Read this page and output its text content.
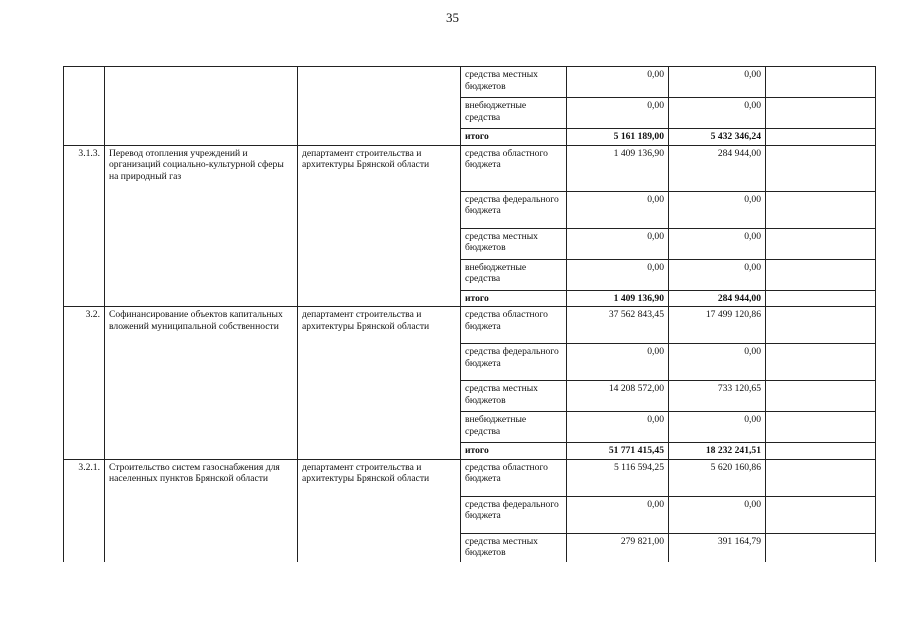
35
			средства местных бюджетов	0,00	0,00	
			внебюджетные средства	0,00	0,00	
			итого	5 161 189,00	5 432 346,24	
3.1.3.	Перевод отопления учреждений и организаций социально-культурной сферы на природный газ	департамент строительства и архитектуры Брянской области	средства областного бюджета	1 409 136,90	284 944,00	
			средства федерального бюджета	0,00	0,00	
			средства местных бюджетов	0,00	0,00	
			внебюджетные средства	0,00	0,00	
			итого	1 409 136,90	284 944,00	
3.2.	Софинансирование объектов капитальных вложений муниципальной собственности	департамент строительства и архитектуры Брянской области	средства областного бюджета	37 562 843,45	17 499 120,86	
			средства федерального бюджета	0,00	0,00	
			средства местных бюджетов	14 208 572,00	733 120,65	
			внебюджетные средства	0,00	0,00	
			итого	51 771 415,45	18 232 241,51	
3.2.1.	Строительство систем газоснабжения для населенных пунктов Брянской области	департамент строительства и архитектуры Брянской области	средства областного бюджета	5 116 594,25	5 620 160,86	
			средства федерального бюджета	0,00	0,00	
			средства местных бюджетов	279 821,00	391 164,79	
